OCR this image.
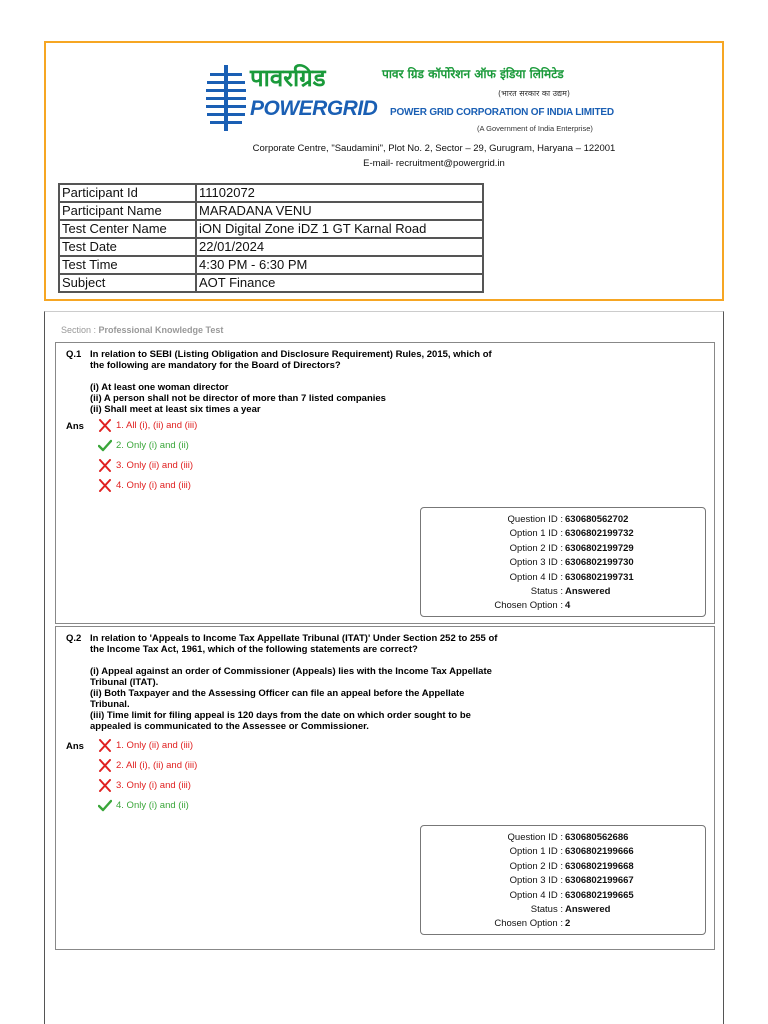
पावरग्रिड
POWERGRID
पावर ग्रिड कॉर्पोरेशन ऑफ इंडिया लिमिटेड
(भारत सरकार का उद्यम)
POWER GRID CORPORATION OF INDIA LIMITED
(A Government of India Enterprise)
Corporate Centre, "Saudamini", Plot No. 2, Sector – 29, Gurugram, Haryana – 122001
E-mail- recruitment@powergrid.in
Participant Id	11102072
Participant Name	MARADANA VENU
Test Center Name	iON Digital Zone iDZ 1 GT Karnal Road
Test Date	22/01/2024
Test Time	4:30 PM - 6:30 PM
Subject	AOT Finance
Section : Professional Knowledge Test
Q.1 In relation to SEBI (Listing Obligation and Disclosure Requirement) Rules, 2015, which of

the following are mandatory for the Board of Directors?

(i) At least one woman director

(ii) A person shall not be director of more than 7 listed companies

(ii) Shall meet at least six times a year

Ans	1. All (i), (ii) and (iii)
2. Only (i) and (ii)
3. Only (ii) and (iii)
4. Only (i) and (iii)
Question ID : 630680562702
Option 1 ID : 6306802199732
Option 2 ID : 6306802199729
Option 3 ID : 6306802199730
Option 4 ID : 6306802199731
Status : Answered
Chosen Option : 4
Q.2 In relation to 'Appeals to Income Tax Appellate Tribunal (ITAT)' Under Section 252 to 255 of

the Income Tax Act, 1961, which of the following statements are correct?

(i) Appeal against an order of Commissioner (Appeals) lies with the Income Tax Appellate

Tribunal (ITAT).

(ii) Both Taxpayer and the Assessing Officer can file an appeal before the Appellate

Tribunal.

(iii) Time limit for filing appeal is 120 days from the date on which order sought to be

appealed is communicated to the Assessee or Commissioner.

Ans	1. Only (ii) and (iii)
2. All (i), (ii) and (iii)
3. Only (i) and (iii)
4. Only (i) and (ii)
Question ID : 630680562686
Option 1 ID : 6306802199666
Option 2 ID : 6306802199668
Option 3 ID : 6306802199667
Option 4 ID : 6306802199665
Status : Answered
Chosen Option : 2
